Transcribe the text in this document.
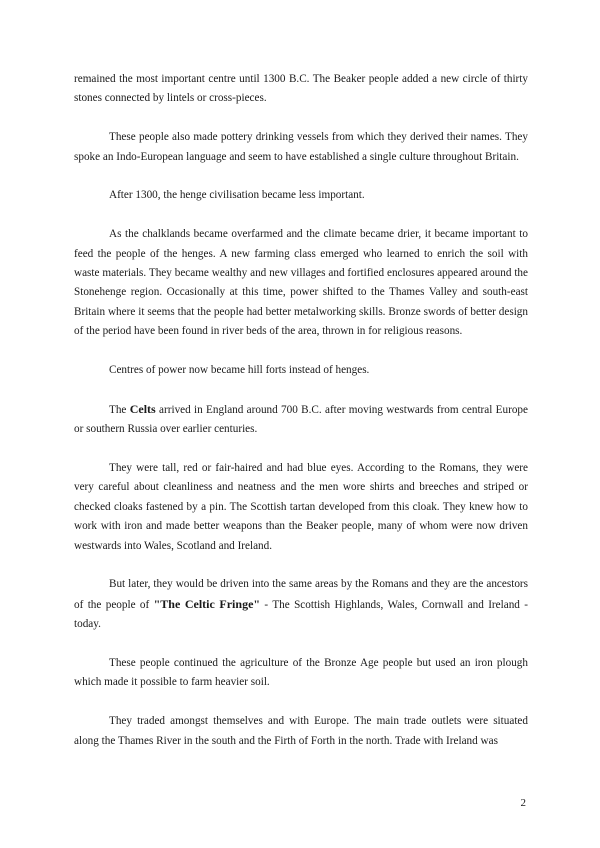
remained the most important centre until 1300 B.C. The Beaker people added a new circle of thirty stones connected by lintels or cross-pieces.

These people also made pottery drinking vessels from which they derived their names. They spoke an Indo-European language and seem to have established a single culture throughout Britain.

After 1300, the henge civilisation became less important.

As the chalklands became overfarmed and the climate became drier, it became important to feed the people of the henges. A new farming class emerged who learned to enrich the soil with waste materials. They became wealthy and new villages and fortified enclosures appeared around the Stonehenge region. Occasionally at this time, power shifted to the Thames Valley and south-east Britain where it seems that the people had better metalworking skills. Bronze swords of better design of the period have been found in river beds of the area, thrown in for religious reasons.

Centres of power now became hill forts instead of henges.

The Celts arrived in England around 700 B.C. after moving westwards from central Europe or southern Russia over earlier centuries.

They were tall, red or fair-haired and had blue eyes. According to the Romans, they were very careful about cleanliness and neatness and the men wore shirts and breeches and striped or checked cloaks fastened by a pin. The Scottish tartan developed from this cloak. They knew how to work with iron and made better weapons than the Beaker people, many of whom were now driven westwards into Wales, Scotland and Ireland.

But later, they would be driven into the same areas by the Romans and they are the ancestors of the people of "The Celtic Fringe" - The Scottish Highlands, Wales, Cornwall and Ireland - today.

These people continued the agriculture of the Bronze Age people but used an iron plough which made it possible to farm heavier soil.

They traded amongst themselves and with Europe. The main trade outlets were situated along the Thames River in the south and the Firth of Forth in the north. Trade with Ireland was

2
